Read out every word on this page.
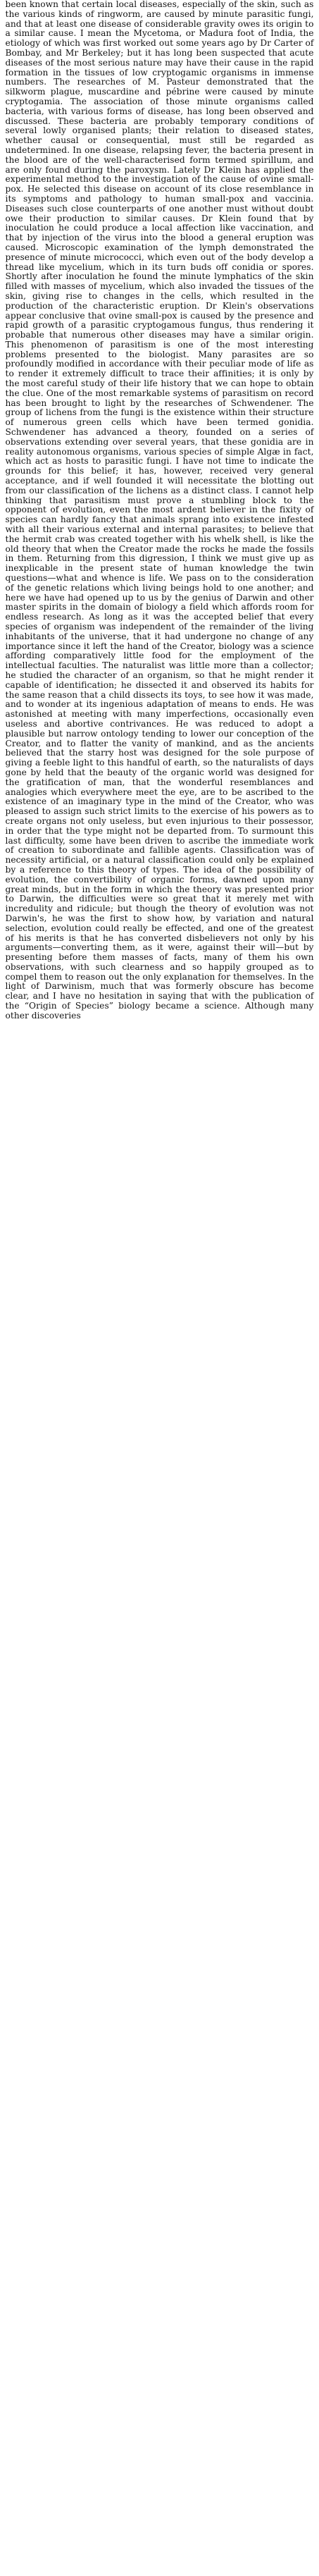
been known that certain local diseases, especially of the skin, such as the various kinds of ringworm, are caused by minute parasitic fungi, and that at least one disease of considerable gravity owes its origin to a similar cause. I mean the Mycetoma, or Madura foot of India, the etiology of which was first worked out some years ago by Dr Carter of Bombay, and Mr Berkeley; but it has long been suspected that acute diseases of the most serious nature may have their cause in the rapid formation in the tissues of low cryptogamic organisms in immense numbers. The researches of M. Pasteur demonstrated that the silkworm plague, muscardine and pébrine were caused by minute cryptogamia. The association of those minute organisms called bacteria, with various forms of disease, has long been observed and discussed. These bacteria are probably temporary conditions of several lowly organised plants; their relation to diseased states, whether causal or consequential, must still be regarded as undetermined. In one disease, relapsing fever, the bacteria present in the blood are of the well-characterised form termed spirillum, and are only found during the paroxysm. Lately Dr Klein has applied the experimental method to the investigation of the cause of ovine small-pox. He selected this disease on account of its close resemblance in its symptoms and pathology to human small-pox and vaccinia. Diseases such close counterparts of one another must without doubt owe their production to similar causes. Dr Klein found that by inoculation he could produce a local affection like vaccination, and that by injection of the virus into the blood a general eruption was caused. Microscopic examination of the lymph demonstrated the presence of minute micrococci, which even out of the body develop a thread like mycelium, which in its turn buds off conidia or spores. Shortly after inoculation he found the minute lymphatics of the skin filled with masses of mycelium, which also invaded the tissues of the skin, giving rise to changes in the cells, which resulted in the production of the characteristic eruption. Dr Klein's observations appear conclusive that ovine small-pox is caused by the presence and rapid growth of a parasitic cryptogamous fungus, thus rendering it probable that numerous other diseases may have a similar origin. This phenomenon of parasitism is one of the most interesting problems presented to the biologist. Many parasites are so profoundly modified in accordance with their peculiar mode of life as to render it extremely difficult to trace their affinities; it is only by the most careful study of their life history that we can hope to obtain the clue. One of the most remarkable systems of parasitism on record has been brought to light by the researches of Schwendener. The group of lichens from the fungi is the existence within their structure of numerous green cells which have been termed gonidia. Schwendener has advanced a theory, founded on a series of observations extending over several years, that these gonidia are in reality autonomous organisms, various species of simple Algæ in fact, which act as hosts to parasitic fungi. I have not time to indicate the grounds for this belief; it has, however, received very general acceptance, and if well founded it will necessitate the blotting out from our classification of the lichens as a distinct class. I cannot help thinking that parasitism must prove a stumbling block to the opponent of evolution, even the most ardent believer in the fixity of species can hardly fancy that animals sprang into existence infested with all their various external and internal parasites; to believe that the hermit crab was created together with his whelk shell, is like the old theory that when the Creator made the rocks he made the fossils in them. Returning from this digression, I think we must give up as inexplicable in the present state of human knowledge the twin questions—what and whence is life. We pass on to the consideration of the genetic relations which living beings hold to one another; and here we have had opened up to us by the genius of Darwin and other master spirits in the domain of biology a field which affords room for endless research. As long as it was the accepted belief that every species of organism was independent of the remainder of the living inhabitants of the universe, that it had undergone no change of any importance since it left the hand of the Creator, biology was a science affording comparatively little food for the employment of the intellectual faculties. The naturalist was little more than a collector; he studied the character of an organism, so that he might render it capable of identification; he dissected it and observed its habits for the same reason that a child dissects its toys, to see how it was made, and to wonder at its ingenious adaptation of means to ends. He was astonished at meeting with many imperfections, occasionally even useless and abortive contrivances. He was reduced to adopt a plausible but narrow ontology tending to lower our conception of the Creator, and to flatter the vanity of mankind, and as the ancients believed that the starry host was designed for the sole purpose of giving a feeble light to this handful of earth, so the naturalists of days gone by held that the beauty of the organic world was designed for the gratification of man, that the wonderful resemblances and analogies which everywhere meet the eye, are to be ascribed to the existence of an imaginary type in the mind of the Creator, who was pleased to assign such strict limits to the exercise of his powers as to create organs not only useless, but even injurious to their possessor, in order that the type might not be departed from. To surmount this last difficulty, some have been driven to ascribe the immediate work of creation to subordinate and fallible agents. Classification was of necessity artificial, or a natural classification could only be explained by a reference to this theory of types. The idea of the possibility of evolution, the convertibility of organic forms, dawned upon many great minds, but in the form in which the theory was presented prior to Darwin, the difficulties were so great that it merely met with incredulity and ridicule; but though the theory of evolution was not Darwin's, he was the first to show how, by variation and natural selection, evolution could really be effected, and one of the greatest of his merits is that he has converted disbelievers not only by his arguments—converting them, as it were, against their will—but by presenting before them masses of facts, many of them his own observations, with such clearness and so happily grouped as to compel them to reason out the only explanation for themselves. In the light of Darwinism, much that was formerly obscure has become clear, and I have no hesitation in saying that with the publication of the “Origin of Species” biology became a science. Although many other discoveries
